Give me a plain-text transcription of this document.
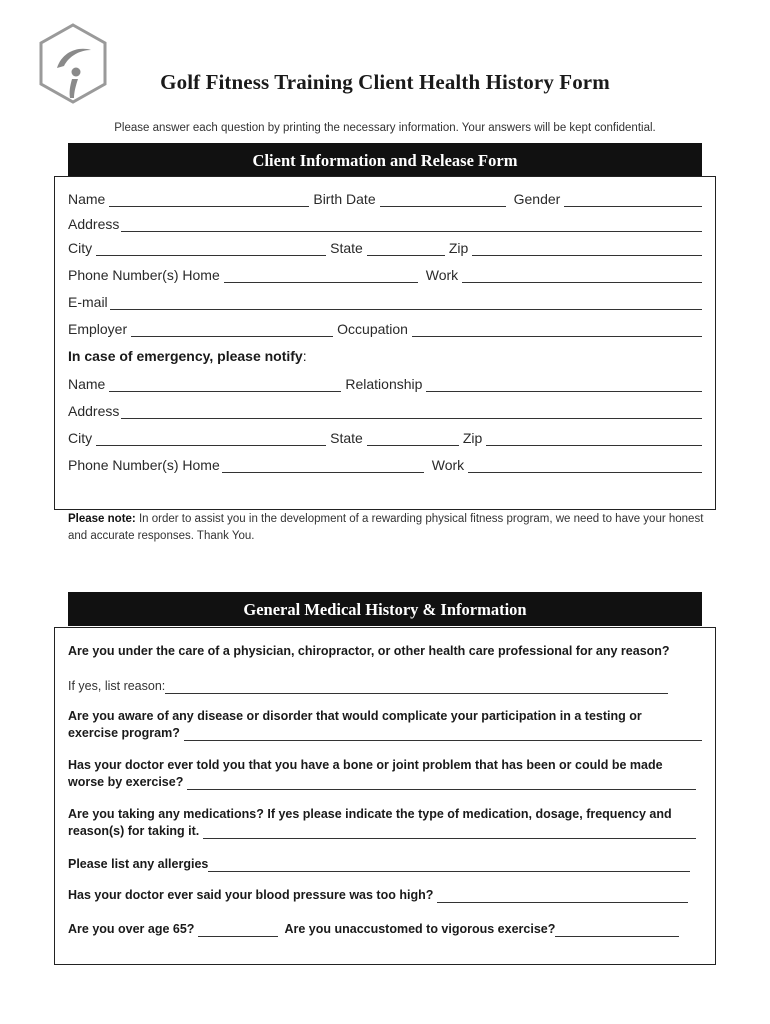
Golf Fitness Training Client Health History Form
Please answer each question by printing the necessary information. Your answers will be kept confidential.
Client Information and Release Form
Name	Birth Date	Gender
Address
City	State	Zip
Phone Number(s) Home	Work
E-mail
Employer	Occupation
In case of emergency, please notify:
Name	Relationship
Address
City	State	Zip
Phone Number(s) Home	Work
Please note: In order to assist you in the development of a rewarding physical fitness program, we need to have your honest and accurate responses. Thank You.
General Medical History & Information
Are you under the care of a physician, chiropractor, or other health care professional for any reason?
If yes, list reason:
Are you aware of any disease or disorder that would complicate your participation in a testing or
exercise program?
Has your doctor ever told you that you have a bone or joint problem that has been or could be made
worse by exercise?
Are you taking any medications? If yes please indicate the type of medication, dosage, frequency and
reason(s) for taking it.
Please list any allergies
Has your doctor ever said your blood pressure was too high?
Are you over age 65?	Are you unaccustomed to vigorous exercise?
